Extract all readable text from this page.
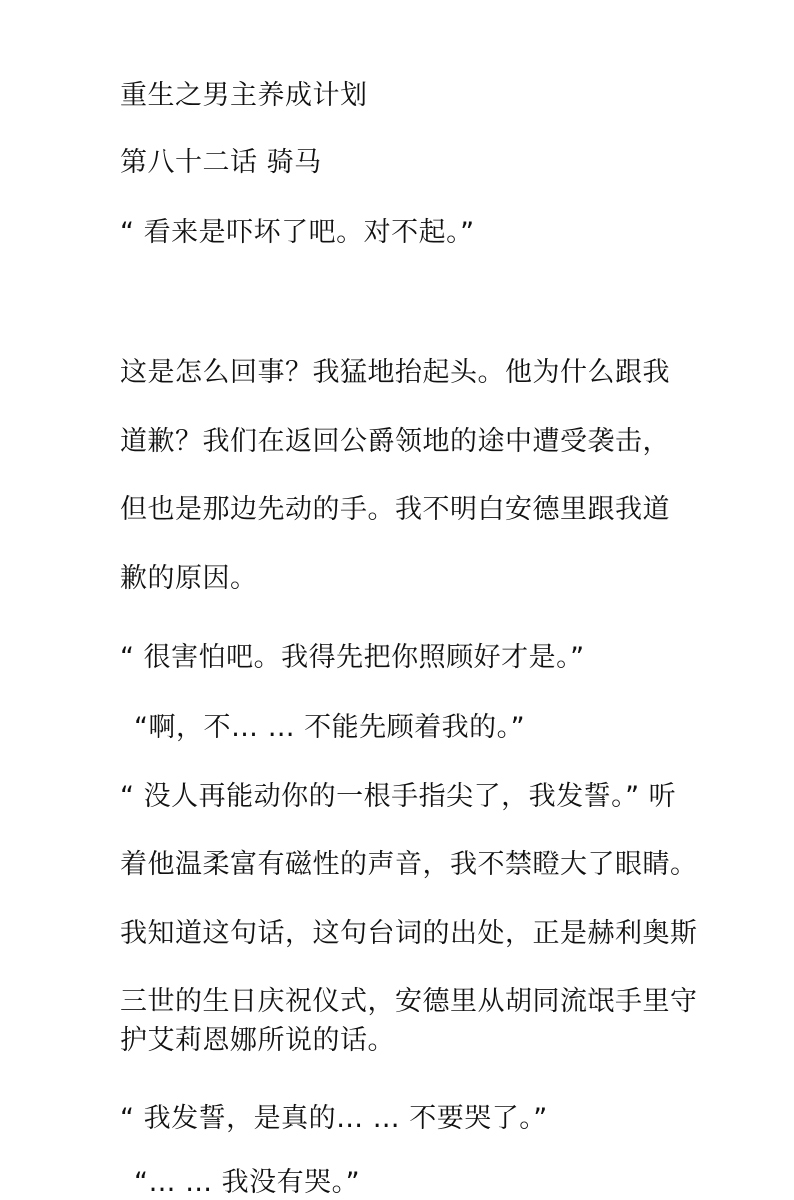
重生之男主养成计划

第八十二话 骑马

“ 看来是吓坏了吧。对不起。”

这是怎么回事？我猛地抬起头。他为什么跟我

道歉？我们在返回公爵领地的途中遭受袭击，

但也是那边先动的手。我不明白安德里跟我道

歉的原因。

“ 很害怕吧。我得先把你照顾好才是。”

“啊，不… … 不能先顾着我的。”

“ 没人再能动你的一根手指尖了，我发誓。” 听

着他温柔富有磁性的声音，我不禁瞪大了眼睛。

我知道这句话，这句台词的出处，正是赫利奥斯

三世的生日庆祝仪式，安德里从胡同流氓手里守

护艾莉恩娜所说的话。

“ 我发誓，是真的… … 不要哭了。”

“… … 我没有哭。”
